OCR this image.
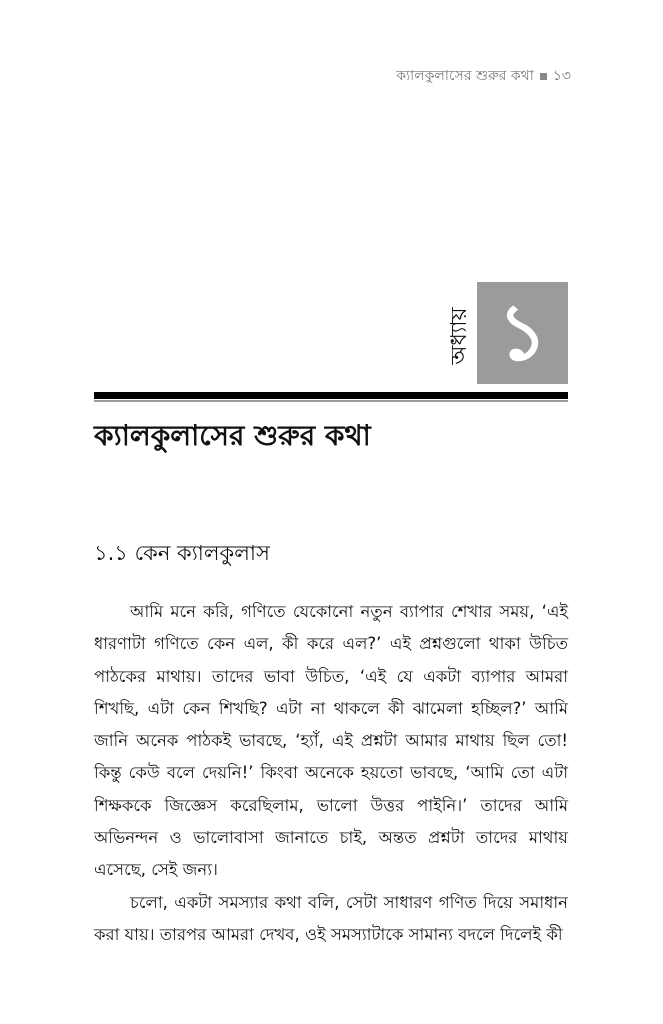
ক্যালকুলাসের শুরুর কথা ১৩
অধ্যায় ১
ক্যালকুলাসের শুরুর কথা
১.১ কেন ক্যালকুলাস

আমি মনে করি, গণিতে যেকোনো নতুন ব্যাপার শেখার সময়, ‘এই ধারণাটা গণিতে কেন এল, কী করে এল?’ এই প্রশ্নগুলো থাকা উচিত পাঠকের মাথায়। তাদের ভাবা উচিত, ‘এই যে একটা ব্যাপার আমরা শিখছি, এটা কেন শিখছি? এটা না থাকলে কী ঝামেলা হচ্ছিল?’ আমি জানি অনেক পাঠকই ভাবছে, ‘হ্যাঁ, এই প্রশ্নটা আমার মাথায় ছিল তো! কিন্তু কেউ বলে দেয়নি!’ কিংবা অনেকে হয়তো ভাবছে, ‘আমি তো এটা শিক্ষককে জিজ্ঞেস করেছিলাম, ভালো উত্তর পাইনি।’ তাদের আমি অভিনন্দন ও ভালোবাসা জানাতে চাই, অন্তত প্রশ্নটা তাদের মাথায় এসেছে, সেই জন্য।

চলো, একটা সমস্যার কথা বলি, সেটা সাধারণ গণিত দিয়ে সমাধান করা যায়। তারপর আমরা দেখব, ওই সমস্যাটাকে সামান্য বদলে দিলেই কী
